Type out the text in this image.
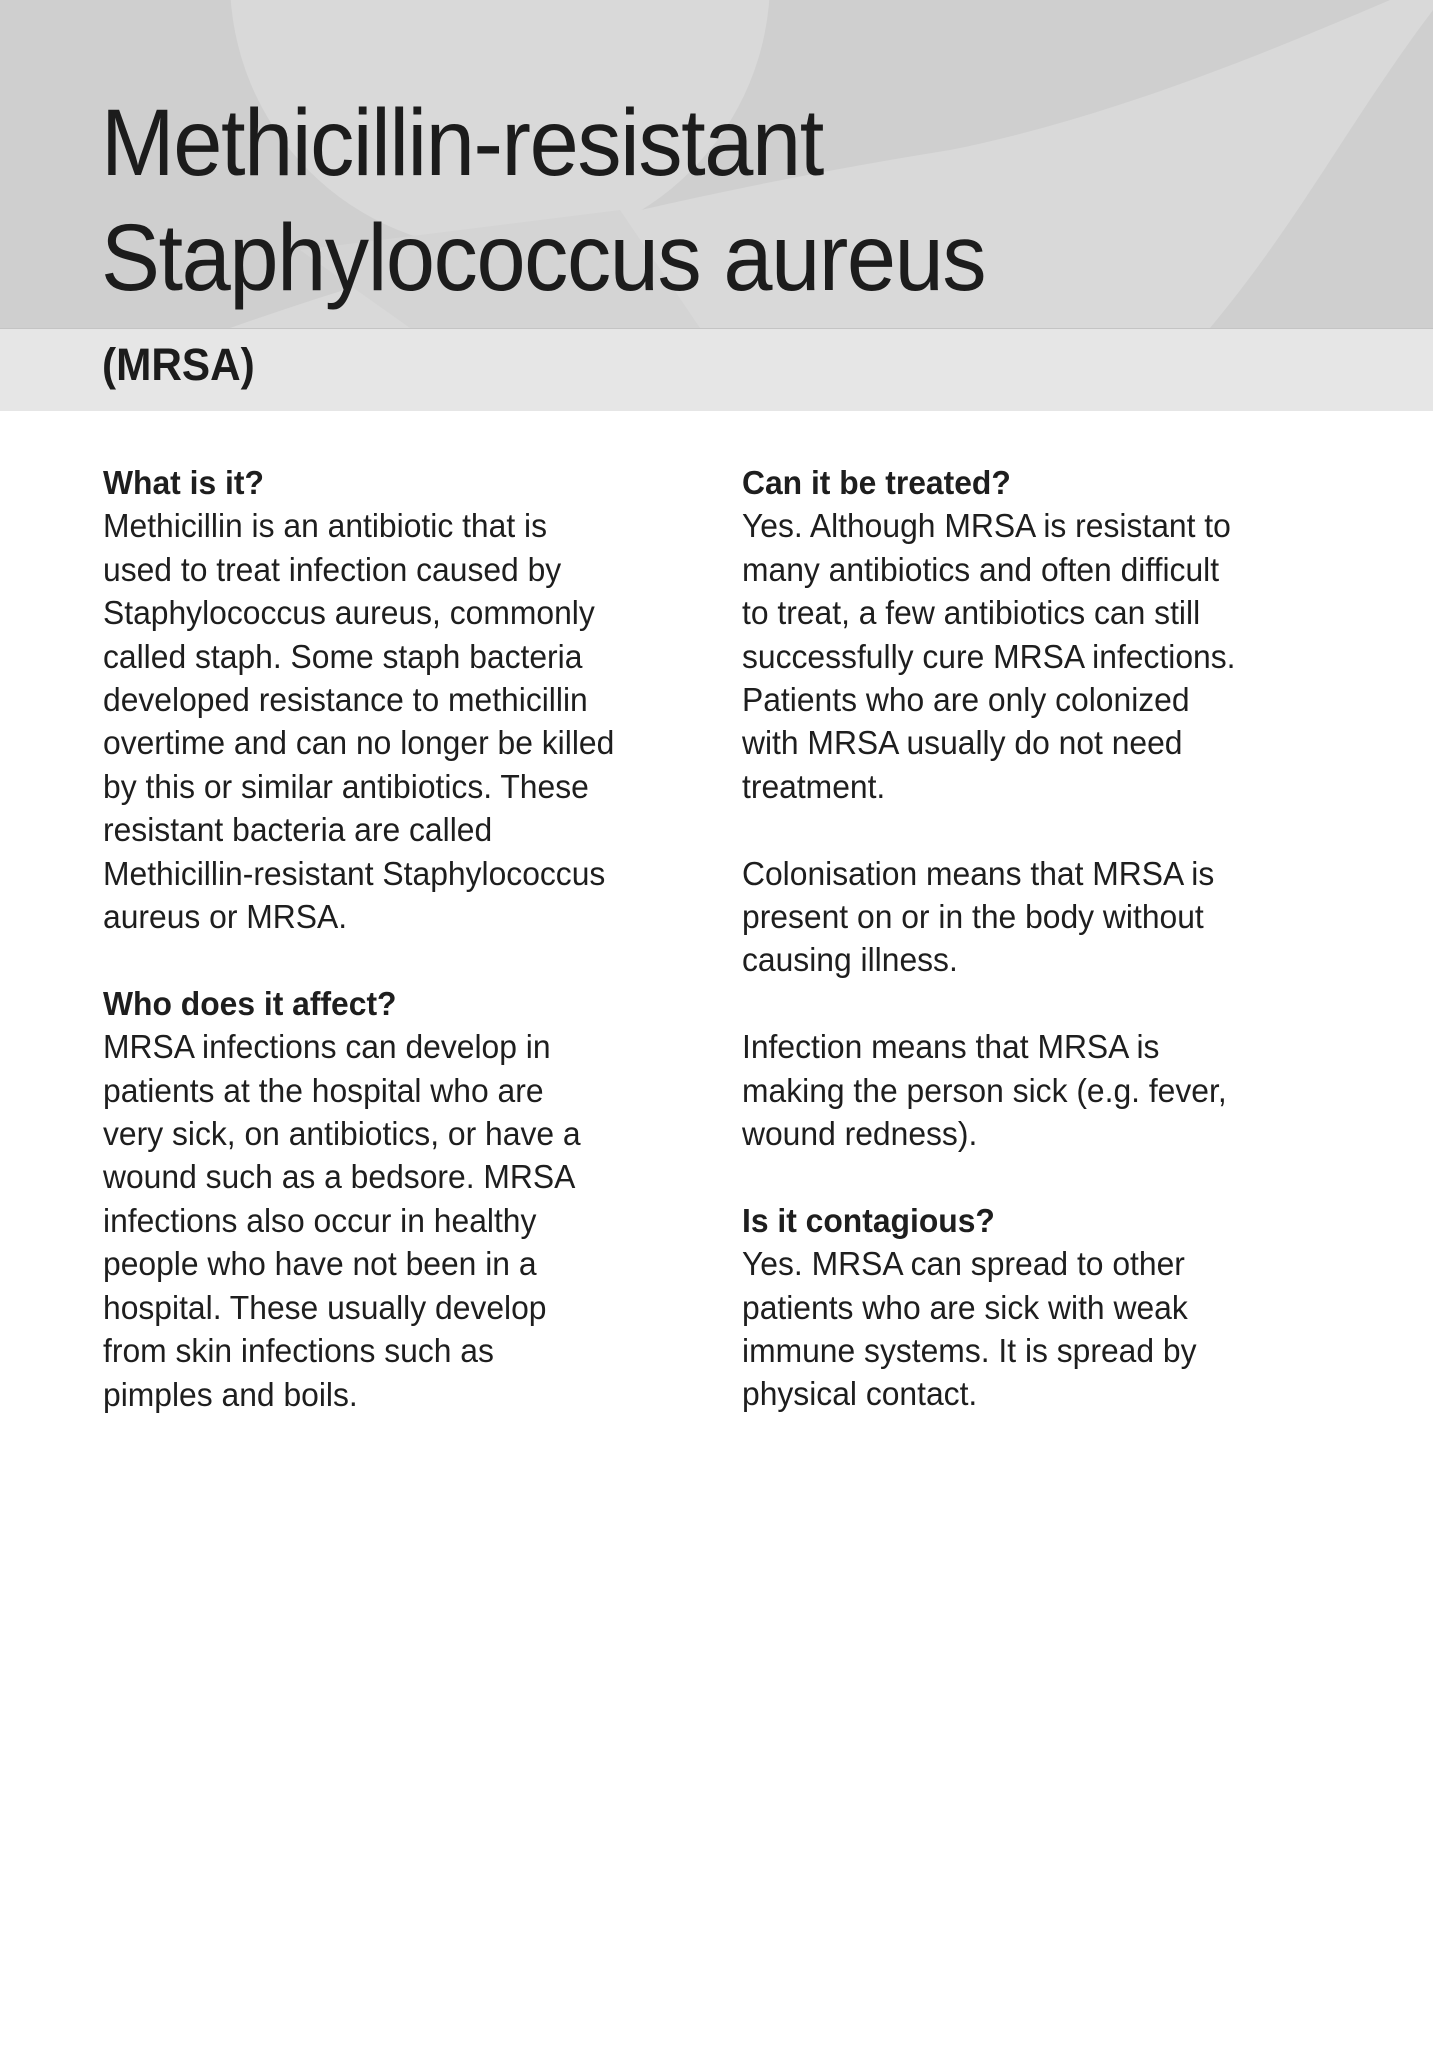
Methicillin-resistant
Staphylococcus aureus
(MRSA)
What is it?

Methicillin is an antibiotic that is
used to treat infection caused by
Staphylococcus aureus, commonly
called staph. Some staph bacteria
developed resistance to methicillin
overtime and can no longer be killed
by this or similar antibiotics. These
resistant bacteria are called
Methicillin-resistant Staphylococcus
aureus or MRSA.

Who does it affect?

MRSA infections can develop in
patients at the hospital who are
very sick, on antibiotics, or have a
wound such as a bedsore. MRSA
infections also occur in healthy
people who have not been in a
hospital. These usually develop
from skin infections such as
pimples and boils.

Can it be treated?

Yes. Although MRSA is resistant to
many antibiotics and often difficult
to treat, a few antibiotics can still
successfully cure MRSA infections.
Patients who are only colonized
with MRSA usually do not need
treatment.

Colonisation means that MRSA is
present on or in the body without
causing illness.

Infection means that MRSA is
making the person sick (e.g. fever,
wound redness).

Is it contagious?

Yes. MRSA can spread to other
patients who are sick with weak
immune systems. It is spread by
physical contact.
